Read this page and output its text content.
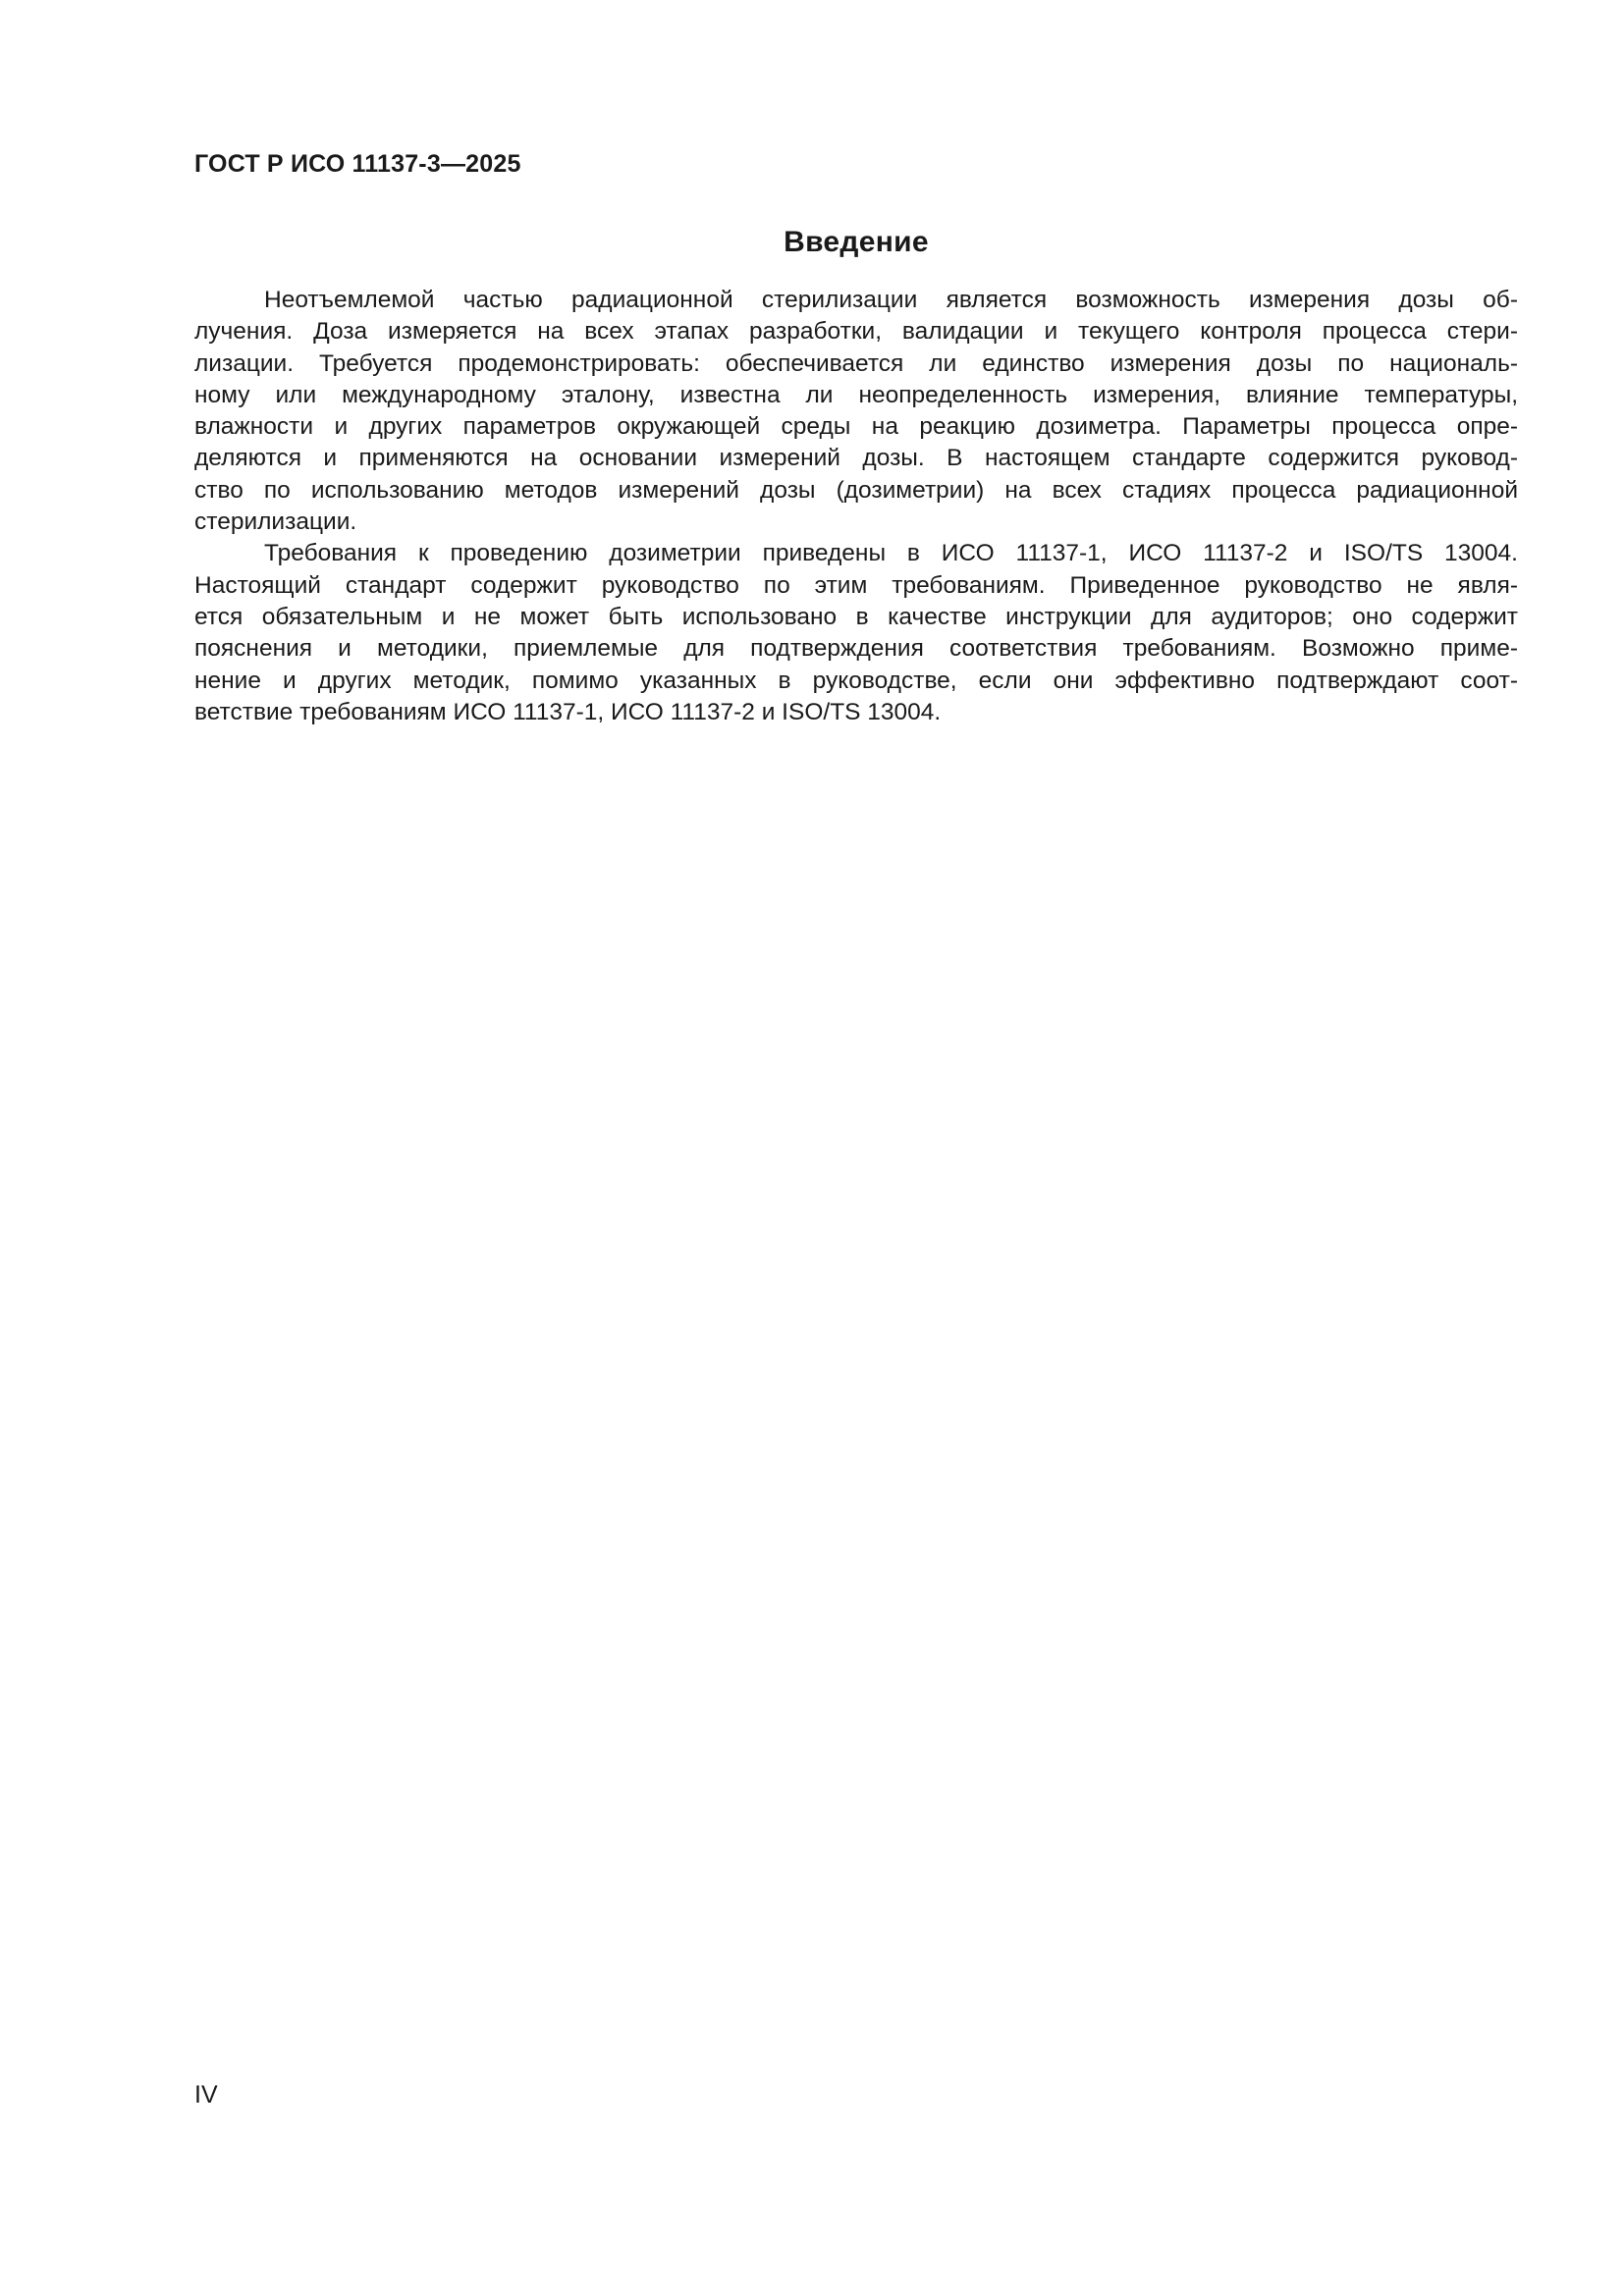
ГОСТ Р ИСО 11137-3—2025
Введение

Неотъемлемой частью радиационной стерилизации является возможность измерения дозы об-
лучения. Доза измеряется на всех этапах разработки, валидации и текущего контроля процесса стери-
лизации. Требуется продемонстрировать: обеспечивается ли единство измерения дозы по националь-
ному или международному эталону, известна ли неопределенность измерения, влияние температуры,
влажности и других параметров окружающей среды на реакцию дозиметра. Параметры процесса опре-
деляются и применяются на основании измерений дозы. В настоящем стандарте содержится руковод-
ство по использованию методов измерений дозы (дозиметрии) на всех стадиях процесса радиационной
стерилизации.

Требования к проведению дозиметрии приведены в ИСО 11137-1, ИСО 11137-2 и ISO/TS 13004.
Настоящий стандарт содержит руководство по этим требованиям. Приведенное руководство не явля-
ется обязательным и не может быть использовано в качестве инструкции для аудиторов; оно содержит
пояснения и методики, приемлемые для подтверждения соответствия требованиям. Возможно приме-
нение и других методик, помимо указанных в руководстве, если они эффективно подтверждают соот-
ветствие требованиям ИСО 11137-1, ИСО 11137-2 и ISO/TS 13004.

IV
